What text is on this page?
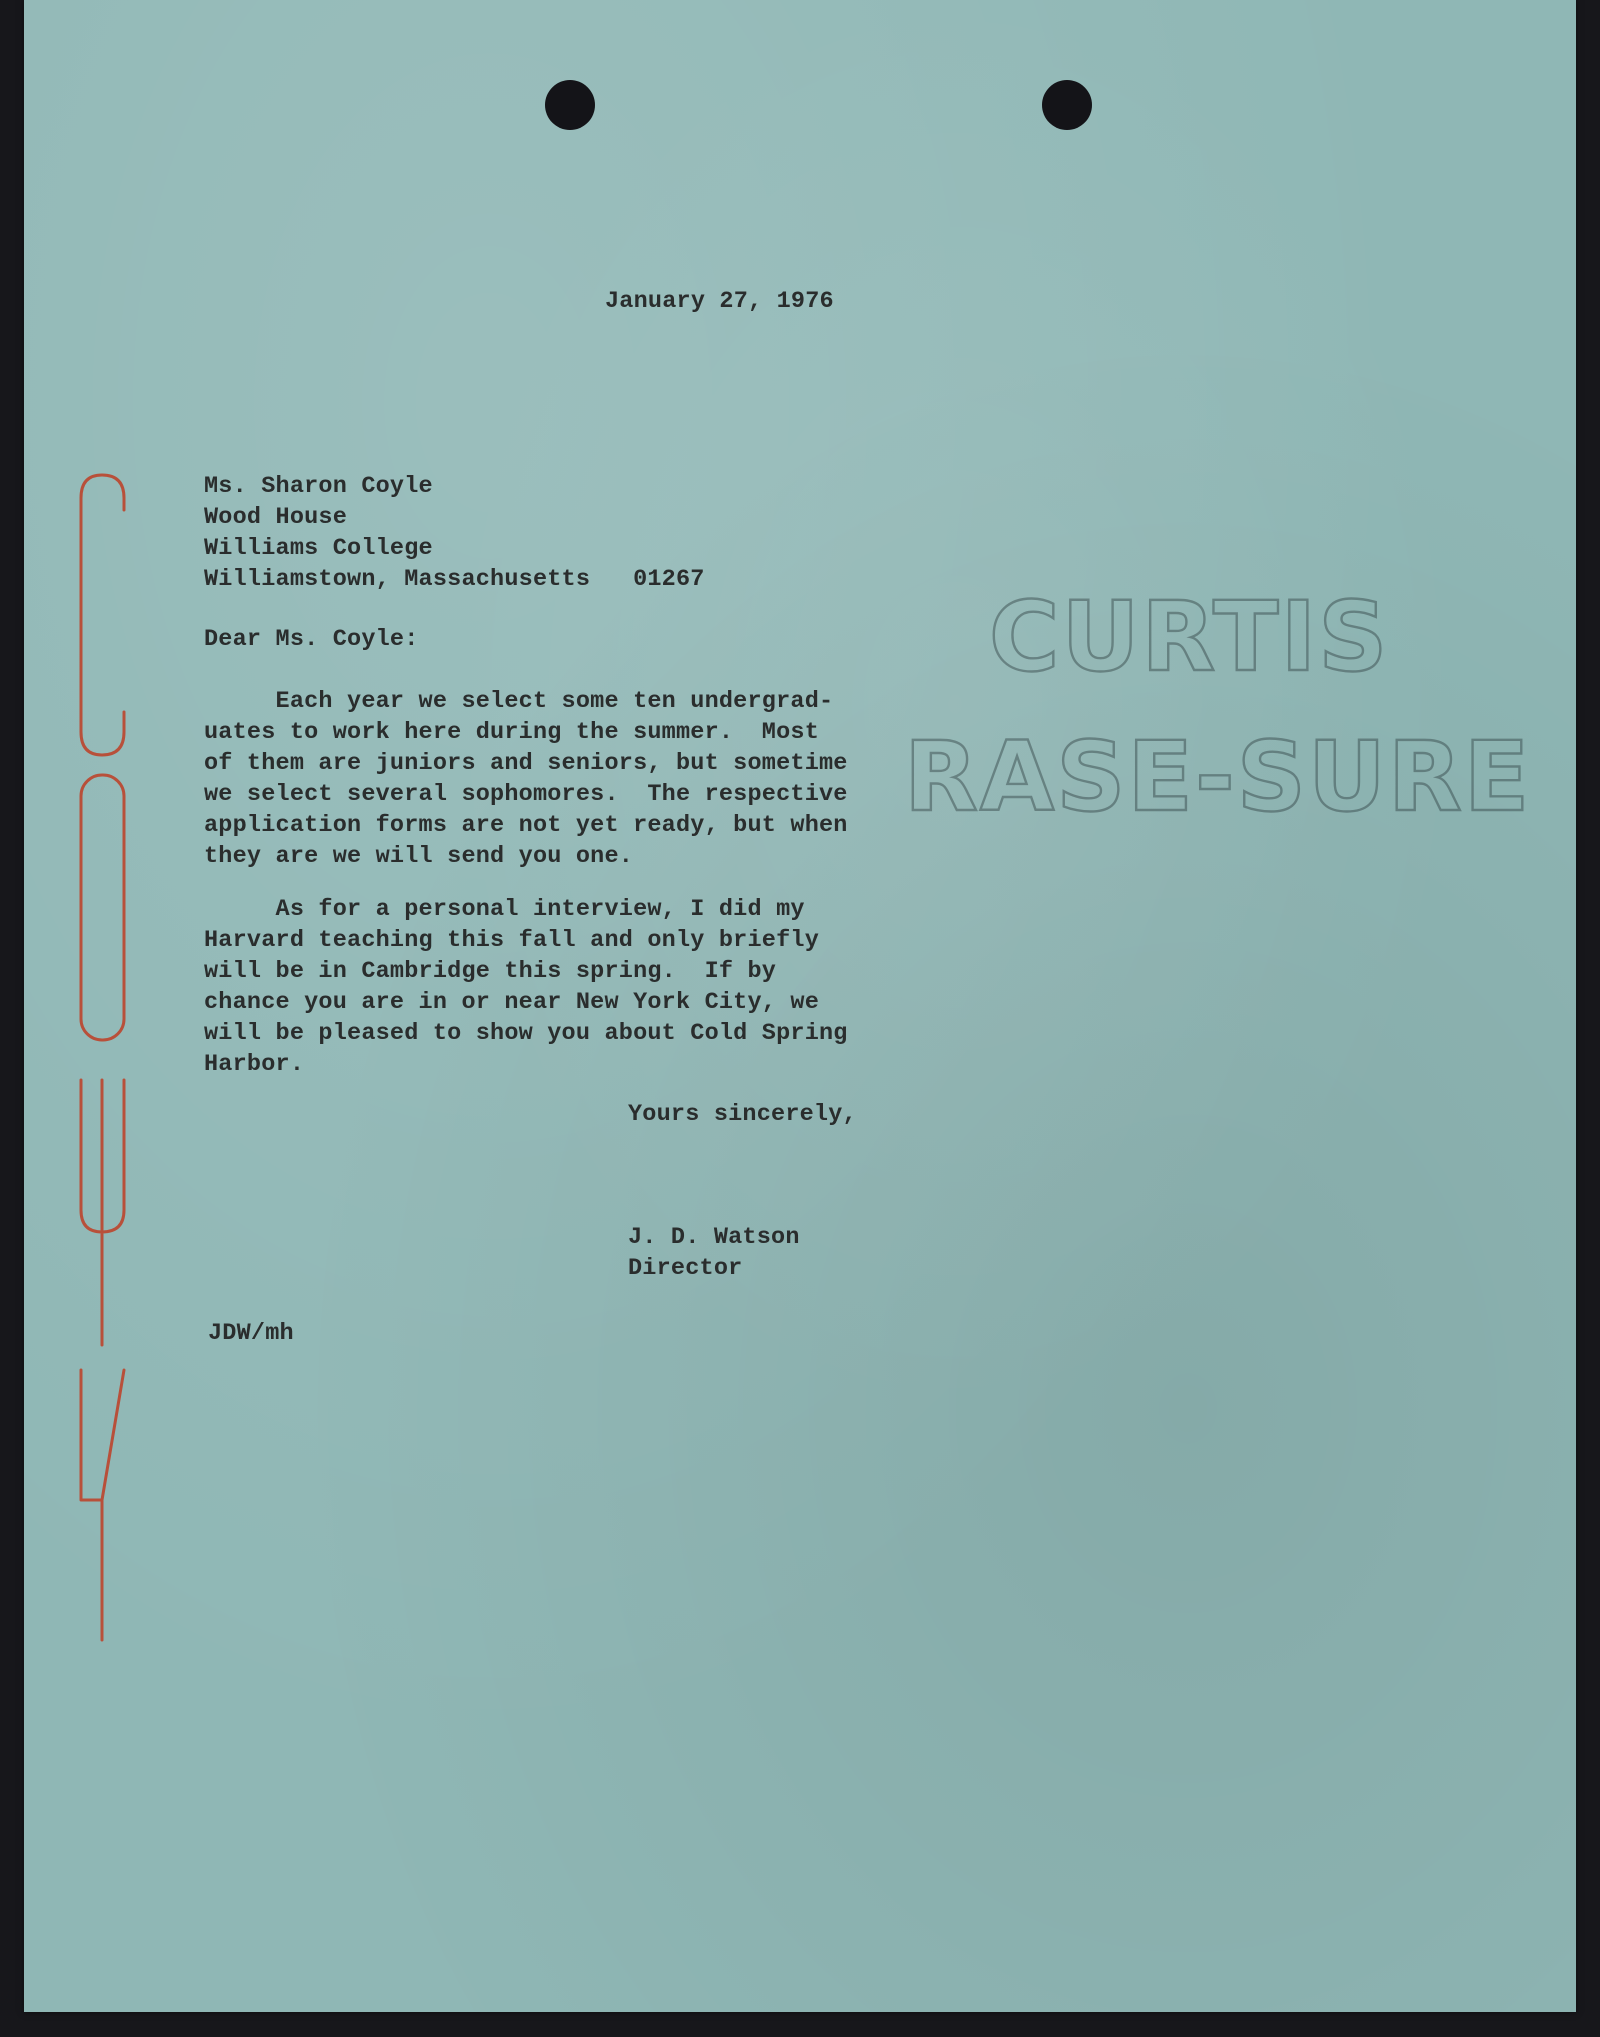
CURTIS
RASE-SURE
January 27, 1976
Ms. Sharon Coyle
Wood House
Williams College
Williamstown, Massachusetts   01267
Dear Ms. Coyle:
Each year we select some ten undergrad-
uates to work here during the summer.  Most
of them are juniors and seniors, but sometime
we select several sophomores.  The respective
application forms are not yet ready, but when
they are we will send you one.
As for a personal interview, I did my
Harvard teaching this fall and only briefly
will be in Cambridge this spring.  If by
chance you are in or near New York City, we
will be pleased to show you about Cold Spring
Harbor.
Yours sincerely,
J. D. Watson
Director
JDW/mh
